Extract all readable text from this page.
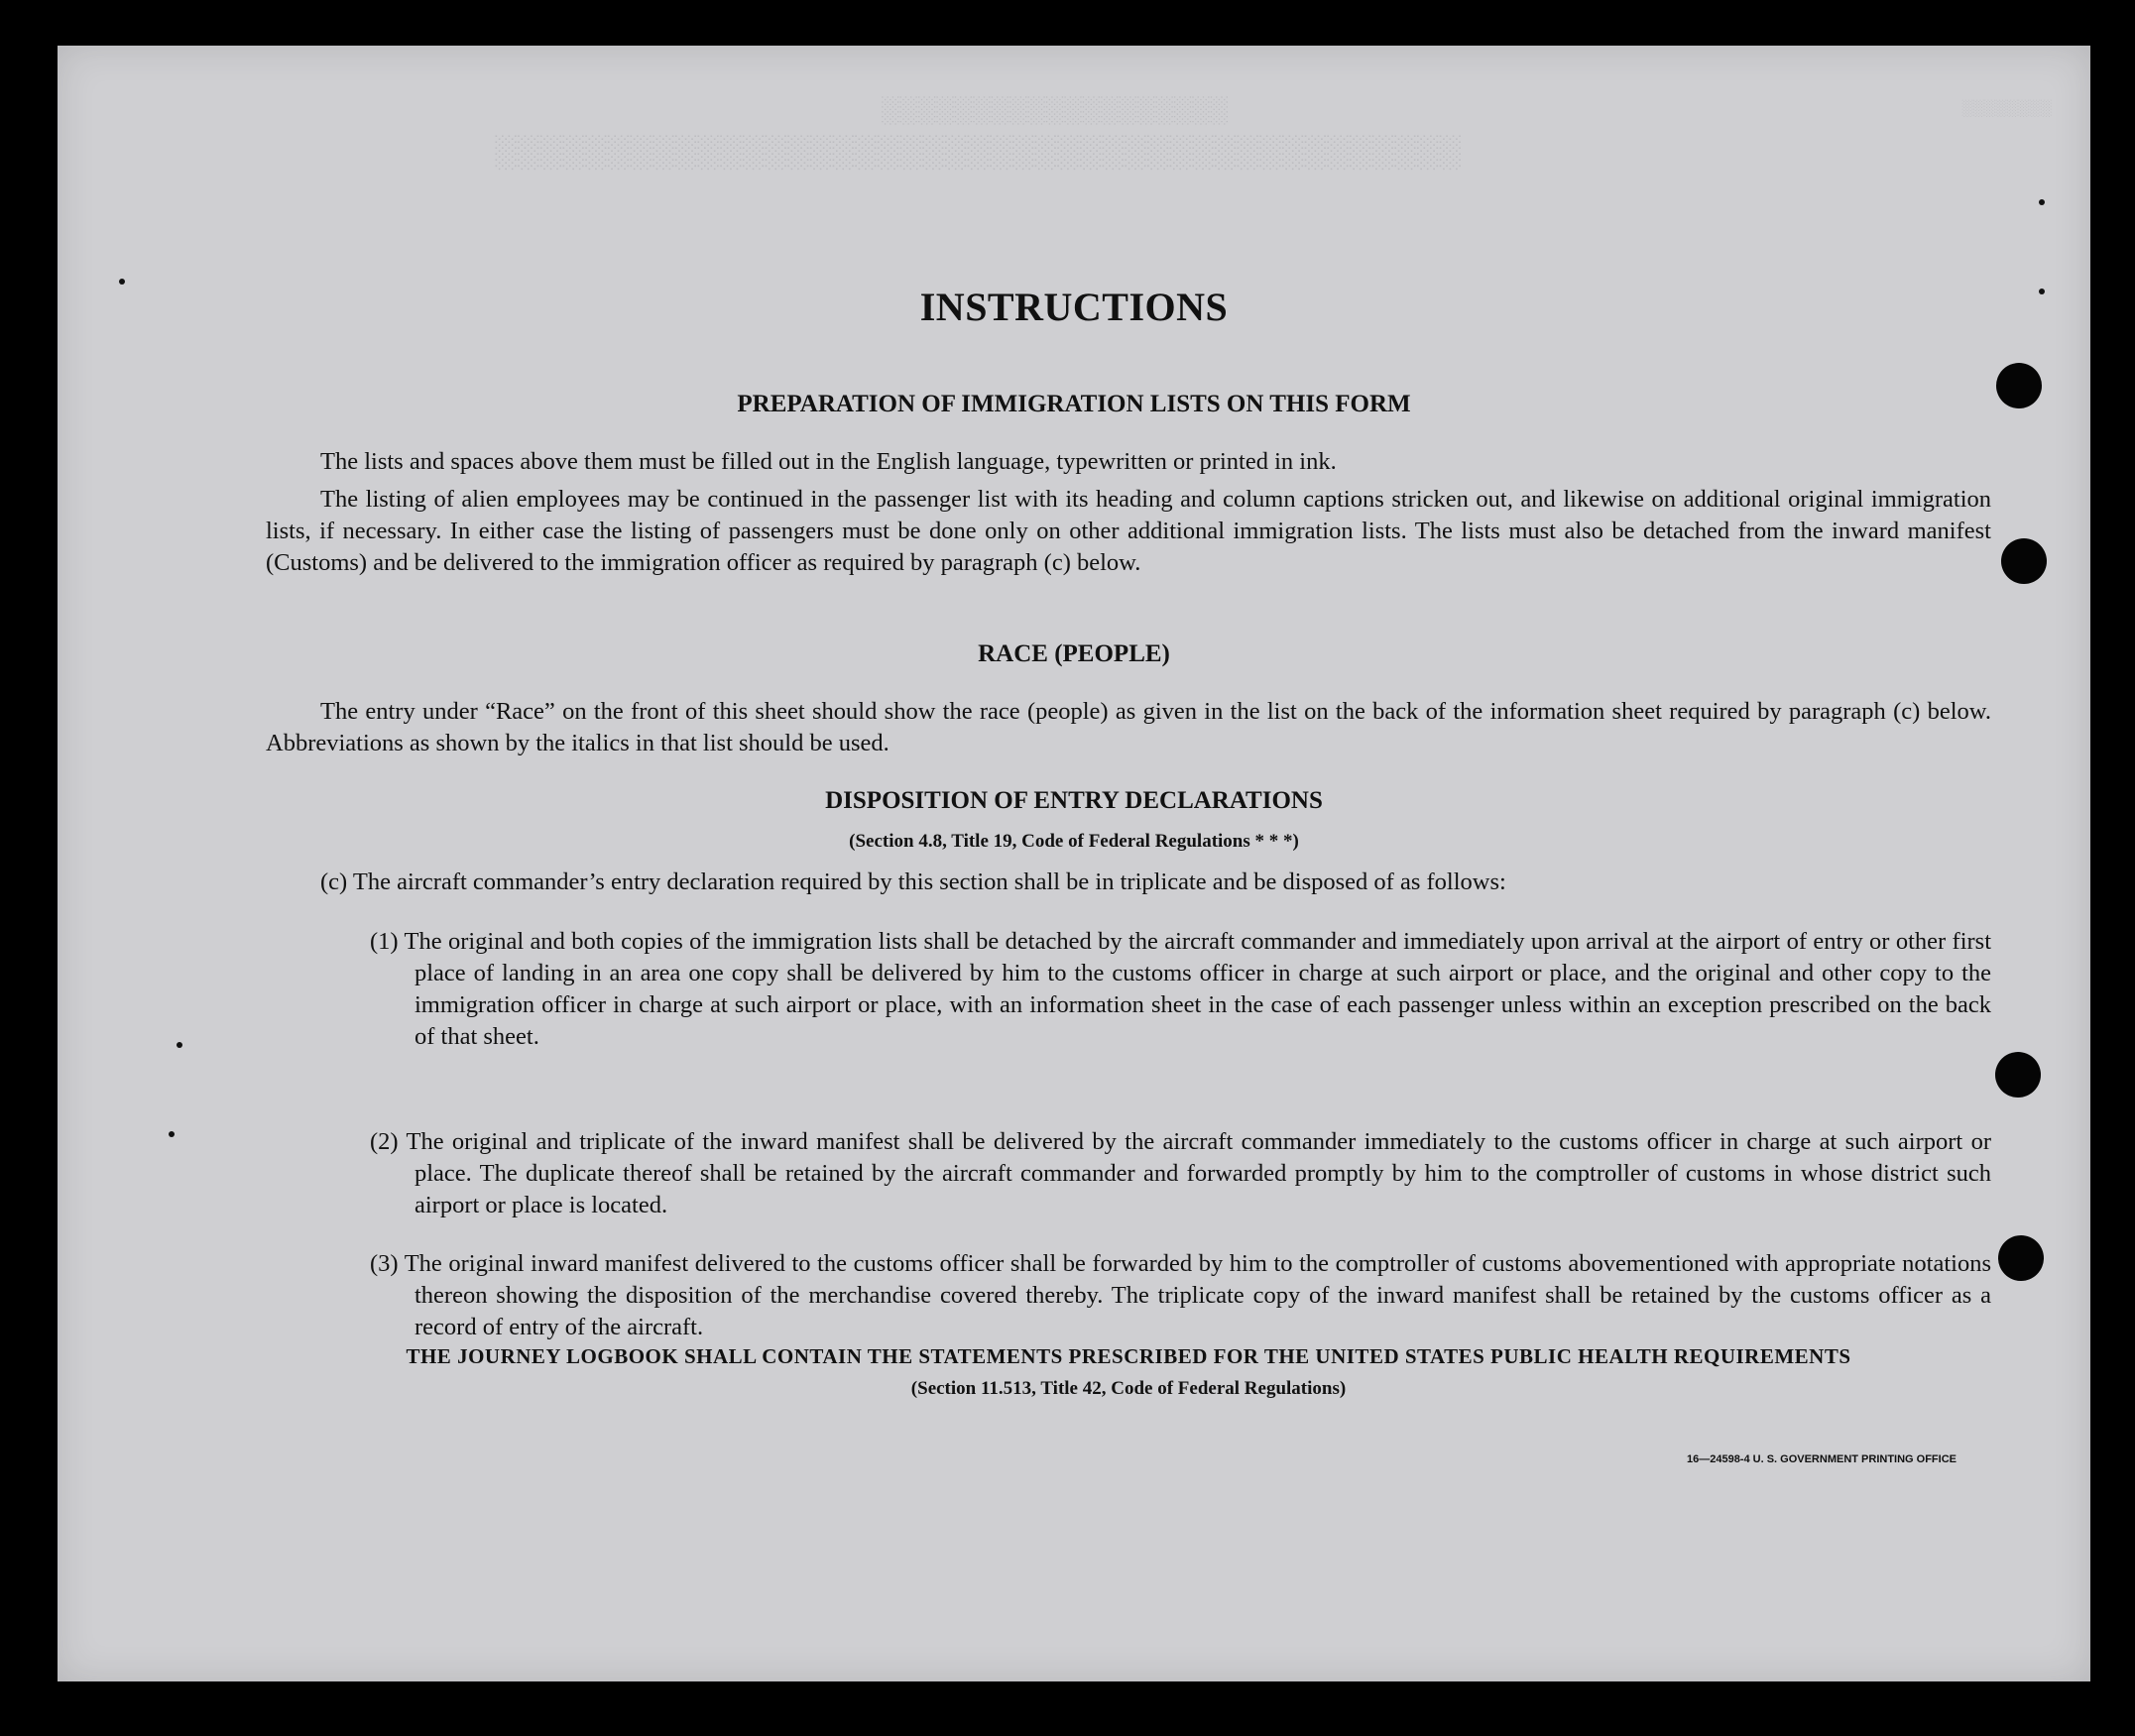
░░░░░░░░░░░░░░░░░░░
░░░░░░░░░░░░░░░░░░░░░░░░░░░░░░░░░░░░░░░░░░░
░░░░░░░░
INSTRUCTIONS
PREPARATION OF IMMIGRATION LISTS ON THIS FORM

The lists and spaces above them must be filled out in the English language, typewritten or printed in ink.

The listing of alien employees may be continued in the passenger list with its heading and column captions stricken out, and likewise on additional original immigration lists, if necessary. In either case the listing of passengers must be done only on other additional immigration lists. The lists must also be detached from the inward manifest (Customs) and be delivered to the immigration officer as required by paragraph (c) below.

RACE (PEOPLE)

The entry under “Race” on the front of this sheet should show the race (people) as given in the list on the back of the information sheet required by paragraph (c) below. Abbreviations as shown by the italics in that list should be used.

DISPOSITION OF ENTRY DECLARATIONS
(Section 4.8, Title 19, Code of Federal Regulations * * *)

(c) The aircraft commander’s entry declaration required by this section shall be in triplicate and be disposed of as follows:

(1) The original and both copies of the immigration lists shall be detached by the aircraft commander and immediately upon arrival at the airport of entry or other first place of landing in an area one copy shall be delivered by him to the customs officer in charge at such airport or place, and the original and other copy to the immigration officer in charge at such airport or place, with an information sheet in the case of each passenger unless within an exception prescribed on the back of that sheet.

(2) The original and triplicate of the inward manifest shall be delivered by the aircraft commander immediately to the customs officer in charge at such airport or place. The duplicate thereof shall be retained by the aircraft commander and forwarded promptly by him to the comptroller of customs in whose district such airport or place is located.

(3) The original inward manifest delivered to the customs officer shall be forwarded by him to the comptroller of customs abovementioned with appropriate notations thereon showing the disposition of the merchandise covered thereby. The triplicate copy of the inward manifest shall be retained by the customs officer as a record of entry of the aircraft.

THE JOURNEY LOGBOOK SHALL CONTAIN THE STATEMENTS PRESCRIBED FOR THE UNITED STATES PUBLIC HEALTH REQUIREMENTS
(Section 11.513, Title 42, Code of Federal Regulations)
16—24598-4 U. S. GOVERNMENT PRINTING OFFICE
